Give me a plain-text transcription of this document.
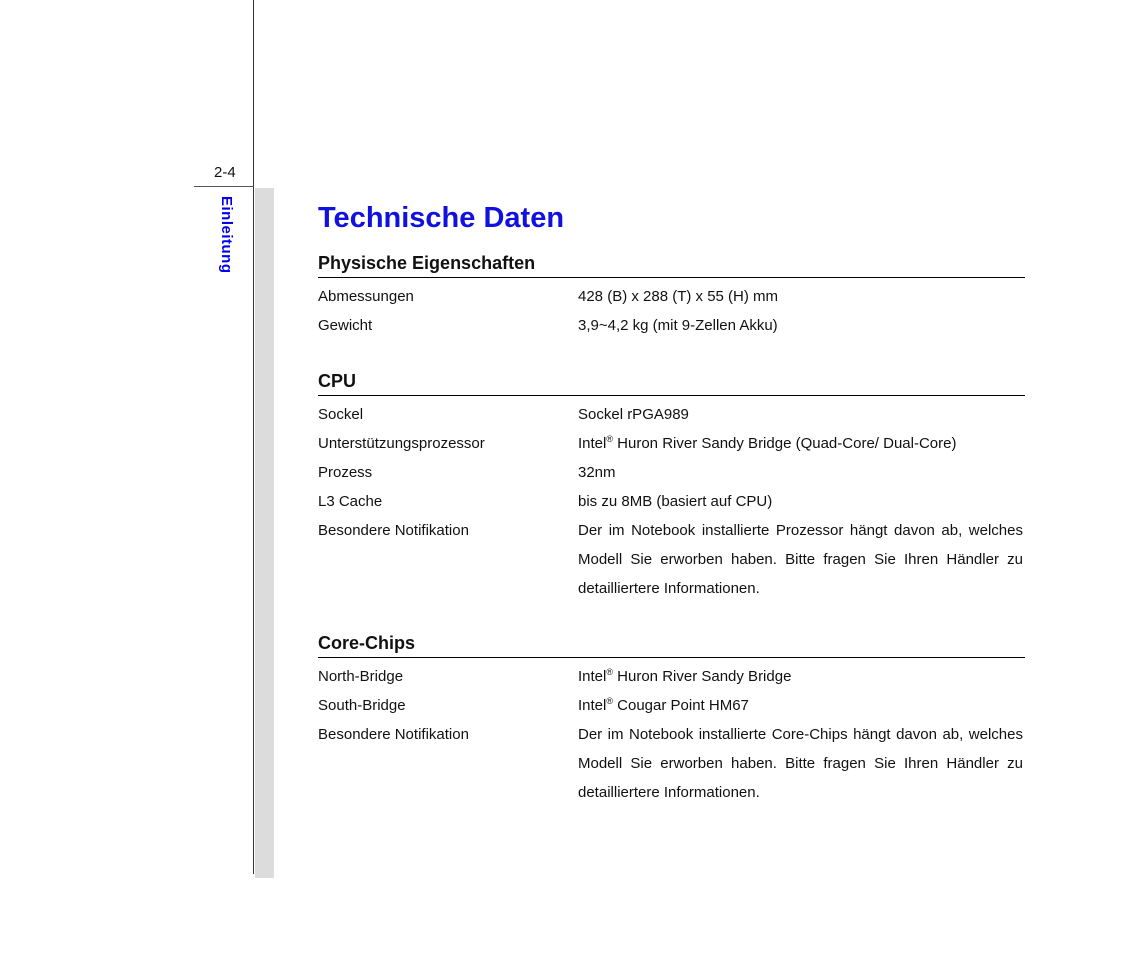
2-4
Einleitung	Technische Daten
Physische Eigenschaften
Abmessungen	428 (B) x 288 (T) x 55 (H) mm
Gewicht	3,9~4,2 kg (mit 9-Zellen Akku)
CPU
Sockel	Sockel rPGA989
Unterstützungsprozessor	Intel® Huron River Sandy Bridge (Quad-Core/ Dual-Core)
Prozess	32nm
L3 Cache	bis zu 8MB (basiert auf CPU)
Besondere Notifikation	Der im Notebook installierte Prozessor hängt davon ab, welches Modell Sie erworben haben. Bitte fragen Sie Ihren Händler zu detailliertere Informationen.
Core-Chips
North-Bridge	Intel® Huron River Sandy Bridge
South-Bridge	Intel® Cougar Point HM67
Besondere Notifikation	Der im Notebook installierte Core-Chips hängt davon ab, welches Modell Sie erworben haben. Bitte fragen Sie Ihren Händler zu detailliertere Informationen.
